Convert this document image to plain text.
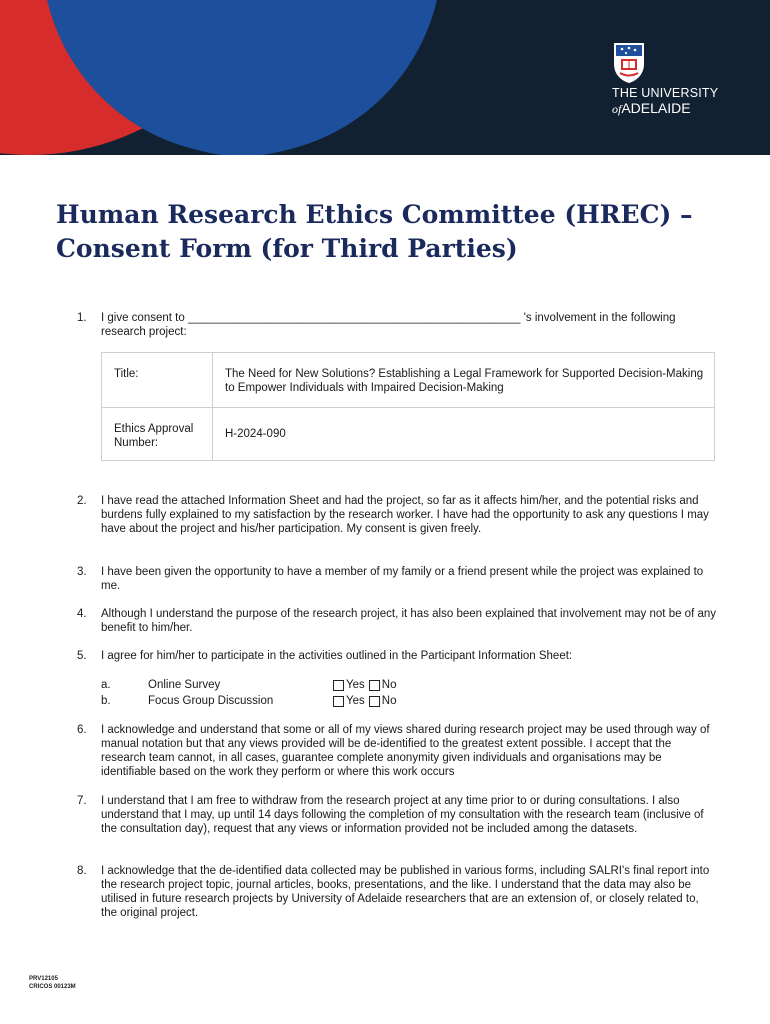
THE UNIVERSITY
ofADELAIDE
Human Research Ethics Committee (HREC) –
Consent Form (for Third Parties)
1.	I give consent to ____________________________________________________ 's involvement in the following research project:
Title:	The Need for New Solutions? Establishing a Legal Framework for Supported Decision-Making to Empower Individuals with Impaired Decision-Making
Ethics Approval Number:	H-2024-090
2.	I have read the attached Information Sheet and had the project, so far as it affects him/her, and the potential risks and burdens fully explained to my satisfaction by the research worker. I have had the opportunity to ask any questions I may have about the project and his/her participation. My consent is given freely.
3.	I have been given the opportunity to have a member of my family or a friend present while the project was explained to me.
4.	Although I understand the purpose of the research project, it has also been explained that involvement may not be of any benefit to him/her.
5.	I agree for him/her to participate in the activities outlined in the Participant Information Sheet:
a.	Online Survey	Yes No
b.	Focus Group Discussion	Yes No
6.	I acknowledge and understand that some or all of my views shared during research project may be used through way of manual notation but that any views provided will be de-identified to the greatest extent possible. I accept that the research team cannot, in all cases, guarantee complete anonymity given individuals and organisations may be identifiable based on the work they perform or where this work occurs
7.	I understand that I am free to withdraw from the research project at any time prior to or during consultations. I also understand that I may, up until 14 days following the completion of my consultation with the research team (inclusive of the consultation day), request that any views or information provided not be included among the datasets.
8.	I acknowledge that the de-identified data collected may be published in various forms, including SALRI's final report into the research project topic, journal articles, books, presentations, and the like. I understand that the data may also be utilised in future research projects by University of Adelaide researchers that are an extension of, or closely related to, the original project.
PRV12105
CRICOS 00123M
